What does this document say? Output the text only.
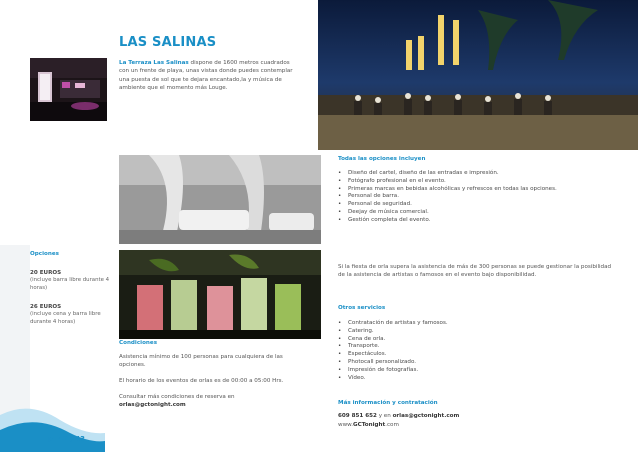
LAS SALINAS

La Terraza Las Salinas dispone de 1600 metros cuadrados con un frente de playa, unas vistas donde puedes contemplar una puesta de sol que te dejara encantado,la y música de ambiente que el momento más Louge.

Todas las opciones incluyen
• Diseño del cartel, diseño de las entradas e impresión.
• Fotógrafo profesional en el evento.
• Primeras marcas en bebidas alcohólicas y refrescos en todas las opciones.
• Personal de barra.
• Personal de seguridad.
• Deejay de música comercial.
• Gestión completa del evento.
Opciones
20 EUROS
(incluye barra libre durante 4 horas)
26 EUROS
(incluye cena y barra libre durante 4 horas)

Si la fiesta de orla supera la asistencia de más de 300 personas se puede gestionar la posibilidad de la asistencia de artistas o famosos en el evento bajo disponibilidad.

Otros servicios
• Contratación de artistas y famosos.
• Catering.
• Cena de orla.
• Transporte.
• Espectáculos.
• Photocall personalizado.
• Impresión de fotografías.
• Vídeo.
Condiciones

Asistencia mínimo de 100 personas para cualquiera de las opciones.

El horario de los eventos de orlas es de 00:00 a 05:00 Hrs.

Consultar más condiciones de reserva en
orlas@gctonight.com	Más información y contratación

609 851 652 y en orlas@gctonight.com

www.GCTonight.com

p. 42 / 43
